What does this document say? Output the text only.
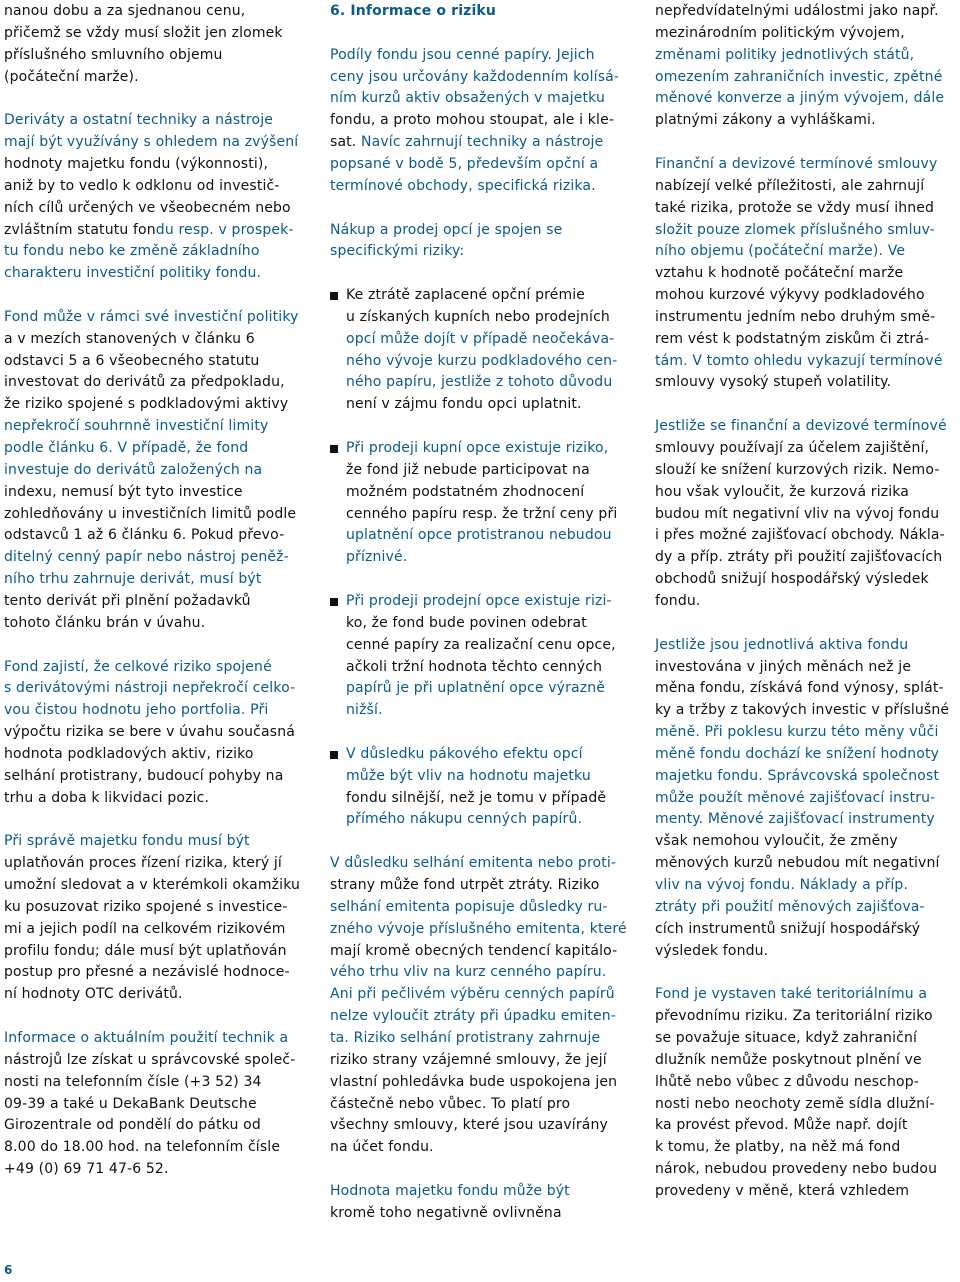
nanou dobu a za sjednanou cenu,
přičemž se vždy musí složit jen zlomek
příslušného smluvního objemu
(počáteční marže).
Deriváty a ostatní techniky a nástroje
mají být využívány s ohledem na zvýšení
hodnoty majetku fondu (výkonnosti),
aniž by to vedlo k odklonu od investič-
ních cílů určených ve všeobecném nebo
zvláštním statutu fondu resp. v prospek-
tu fondu nebo ke změně základního
charakteru investiční politiky fondu.
Fond může v rámci své investiční politiky
a v mezích stanovených v článku 6
odstavci 5 a 6 všeobecného statutu
investovat do derivátů za předpokladu,
že riziko spojené s podkladovými aktivy
nepřekročí souhrnně investiční limity
podle článku 6. V případě, že fond
investuje do derivátů založených na
indexu, nemusí být tyto investice
zohledňovány u investičních limitů podle
odstavců 1 až 6 článku 6. Pokud převo-
ditelný cenný papír nebo nástroj peněž-
ního trhu zahrnuje derivát, musí být
tento derivát při plnění požadavků
tohoto článku brán v úvahu.
Fond zajistí, že celkové riziko spojené
s derivátovými nástroji nepřekročí celko-
vou čistou hodnotu jeho portfolia. Při
výpočtu rizika se bere v úvahu současná
hodnota podkladových aktiv, riziko
selhání protistrany, budoucí pohyby na
trhu a doba k likvidaci pozic.
Při správě majetku fondu musí být
uplatňován proces řízení rizika, který jí
umožní sledovat a v kterémkoli okamžiku
ku posuzovat riziko spojené s investice-
mi a jejich podíl na celkovém rizikovém
profilu fondu; dále musí být uplatňován
postup pro přesné a nezávislé hodnoce-
ní hodnoty OTC derivátů.
Informace o aktuálním použití technik a
nástrojů lze získat u správcovské společ-
nosti na telefonním čísle (+3 52) 34
09-39 a také u DekaBank Deutsche
Girozentrale od pondělí do pátku od
8.00 do 18.00 hod. na telefonním čísle
+49 (0) 69 71 47-6 52.
6. Informace o riziku
Podíly fondu jsou cenné papíry. Jejich
ceny jsou určovány každodenním kolísá-
ním kurzů aktiv obsažených v majetku
fondu, a proto mohou stoupat, ale i kle-
sat. Navíc zahrnují techniky a nástroje
popsané v bodě 5, především opční a
termínové obchody, specifická rizika.
Nákup a prodej opcí je spojen se
specifickými riziky:
Ke ztrátě zaplacené opční prémie
u získaných kupních nebo prodejních
opcí může dojít v případě neočekáva-
ného vývoje kurzu podkladového cen-
ného papíru, jestliže z tohoto důvodu
není v zájmu fondu opci uplatnit.
Při prodeji kupní opce existuje riziko,
že fond již nebude participovat na
možném podstatném zhodnocení
cenného papíru resp. že tržní ceny při
uplatnění opce protistranou nebudou
příznivé.
Při prodeji prodejní opce existuje rizi-
ko, že fond bude povinen odebrat
cenné papíry za realizační cenu opce,
ačkoli tržní hodnota těchto cenných
papírů je při uplatnění opce výrazně
nižší.
V důsledku pákového efektu opcí
může být vliv na hodnotu majetku
fondu silnější, než je tomu v případě
přímého nákupu cenných papírů.
V důsledku selhání emitenta nebo proti-
strany může fond utrpět ztráty. Riziko
selhání emitenta popisuje důsledky ru-
zného vývoje příslušného emitenta, které
mají kromě obecných tendencí kapitálo-
vého trhu vliv na kurz cenného papíru.
Ani při pečlivém výběru cenných papírů
nelze vyloučit ztráty při úpadku emiten-
ta. Riziko selhání protistrany zahrnuje
riziko strany vzájemné smlouvy, že její
vlastní pohledávka bude uspokojena jen
částečně nebo vůbec. To platí pro
všechny smlouvy, které jsou uzavírány
na účet fondu.
Hodnota majetku fondu může být
kromě toho negativně ovlivněna
nepředvídatelnými událostmi jako např.
mezinárodním politickým vývojem,
změnami politiky jednotlivých států,
omezením zahraničních investic, zpětné
měnové konverze a jiným vývojem, dále
platnými zákony a vyhláškami.
Finanční a devizové termínové smlouvy
nabízejí velké příležitosti, ale zahrnují
také rizika, protože se vždy musí ihned
složit pouze zlomek příslušného smluv-
ního objemu (počáteční marže). Ve
vztahu k hodnotě počáteční marže
mohou kurzové výkyvy podkladového
instrumentu jedním nebo druhým smě-
rem vést k podstatným ziskům či ztrá-
tám. V tomto ohledu vykazují termínové
smlouvy vysoký stupeň volatility.
Jestliže se finanční a devizové termínové
smlouvy používají za účelem zajištění,
slouží ke snížení kurzových rizik. Nemo-
hou však vyloučit, že kurzová rizika
budou mít negativní vliv na vývoj fondu
i přes možné zajišťovací obchody. Nákla-
dy a příp. ztráty při použití zajišťovacích
obchodů snižují hospodářský výsledek
fondu.
Jestliže jsou jednotlivá aktiva fondu
investována v jiných měnách než je
měna fondu, získává fond výnosy, splát-
ky a tržby z takových investic v příslušné
měně. Při poklesu kurzu této měny vůči
měně fondu dochází ke snížení hodnoty
majetku fondu. Správcovská společnost
může použít měnové zajišťovací instru-
menty. Měnové zajišťovací instrumenty
však nemohou vyloučit, že změny
měnových kurzů nebudou mít negativní
vliv na vývoj fondu. Náklady a příp.
ztráty při použití měnových zajišťova-
cích instrumentů snižují hospodářský
výsledek fondu.
Fond je vystaven také teritoriálnímu a
převodnímu riziku. Za teritoriální riziko
se považuje situace, když zahraniční
dlužník nemůže poskytnout plnění ve
lhůtě nebo vůbec z důvodu neschop-
nosti nebo neochoty země sídla dlužní-
ka provést převod. Může např. dojít
k tomu, že platby, na něž má fond
nárok, nebudou provedeny nebo budou
provedeny v měně, která vzhledem
6
